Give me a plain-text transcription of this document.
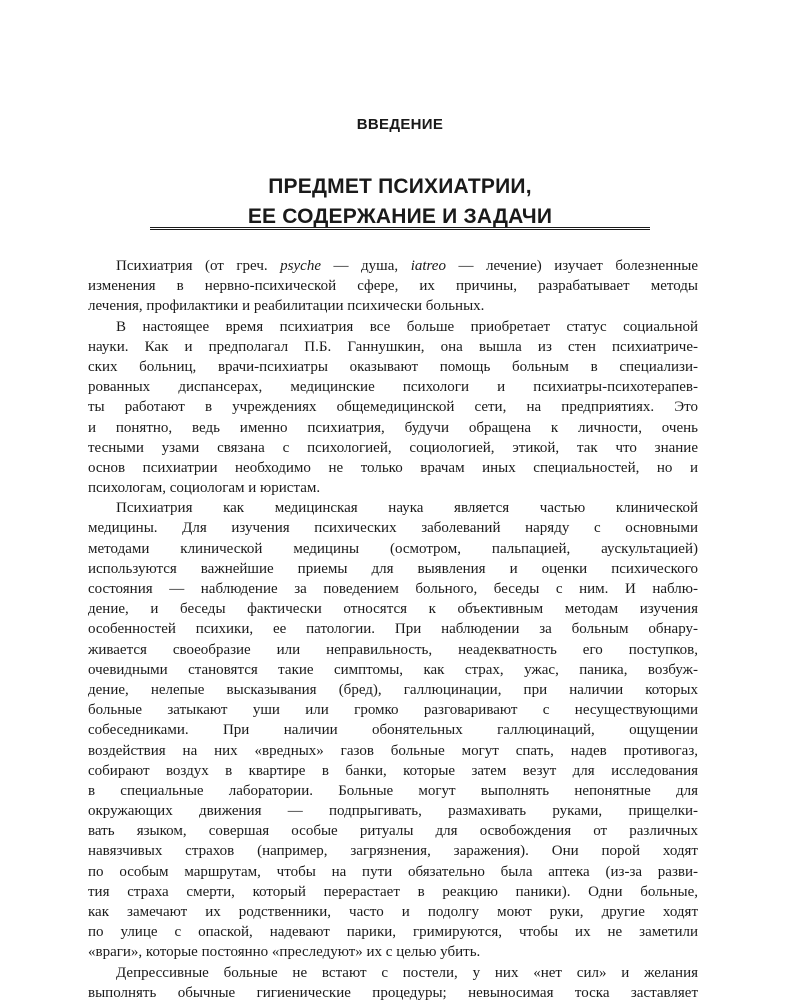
ВВЕДЕНИЕ
ПРЕДМЕТ ПСИХИАТРИИ,
ЕЕ СОДЕРЖАНИЕ И ЗАДАЧИ
Психиатрия (от греч. psyche — душа, iatreo — лечение) изучает болезненные
изменения в нервно-психической сфере, их причины, разрабатывает методы
лечения, профилактики и реабилитации психически больных.
В настоящее время психиатрия все больше приобретает статус социальной
науки. Как и предполагал П.Б. Ганнушкин, она вышла из стен психиатриче-
ских больниц, врачи-психиатры оказывают помощь больным в специализи-
рованных диспансерах, медицинские психологи и психиатры-психотерапев-
ты работают в учреждениях общемедицинской сети, на предприятиях. Это
и понятно, ведь именно психиатрия, будучи обращена к личности, очень
тесными узами связана с психологией, социологией, этикой, так что знание
основ психиатрии необходимо не только врачам иных специальностей, но и
психологам, социологам и юристам.
Психиатрия как медицинская наука является частью клинической
медицины. Для изучения психических заболеваний наряду с основными
методами клинической медицины (осмотром, пальпацией, аускультацией)
используются важнейшие приемы для выявления и оценки психического
состояния — наблюдение за поведением больного, беседы с ним. И наблю-
дение, и беседы фактически относятся к объективным методам изучения
особенностей психики, ее патологии. При наблюдении за больным обнару-
живается своеобразие или неправильность, неадекватность его поступков,
очевидными становятся такие симптомы, как страх, ужас, паника, возбуж-
дение, нелепые высказывания (бред), галлюцинации, при наличии которых
больные затыкают уши или громко разговаривают с несуществующими
собеседниками. При наличии обонятельных галлюцинаций, ощущении
воздействия на них «вредных» газов больные могут спать, надев противогаз,
собирают воздух в квартире в банки, которые затем везут для исследования
в специальные лаборатории. Больные могут выполнять непонятные для
окружающих движения — подпрыгивать, размахивать руками, прищелки-
вать языком, совершая особые ритуалы для освобождения от различных
навязчивых страхов (например, загрязнения, заражения). Они порой ходят
по особым маршрутам, чтобы на пути обязательно была аптека (из-за разви-
тия страха смерти, который перерастает в реакцию паники). Одни больные,
как замечают их родственники, часто и подолгу моют руки, другие ходят
по улице с опаской, надевают парики, гримируются, чтобы их не заметили
«враги», которые постоянно «преследуют» их с целью убить.
Депрессивные больные не встают с постели, у них «нет сил» и желания
выполнять обычные гигиенические процедуры; невыносимая тоска заставляет
